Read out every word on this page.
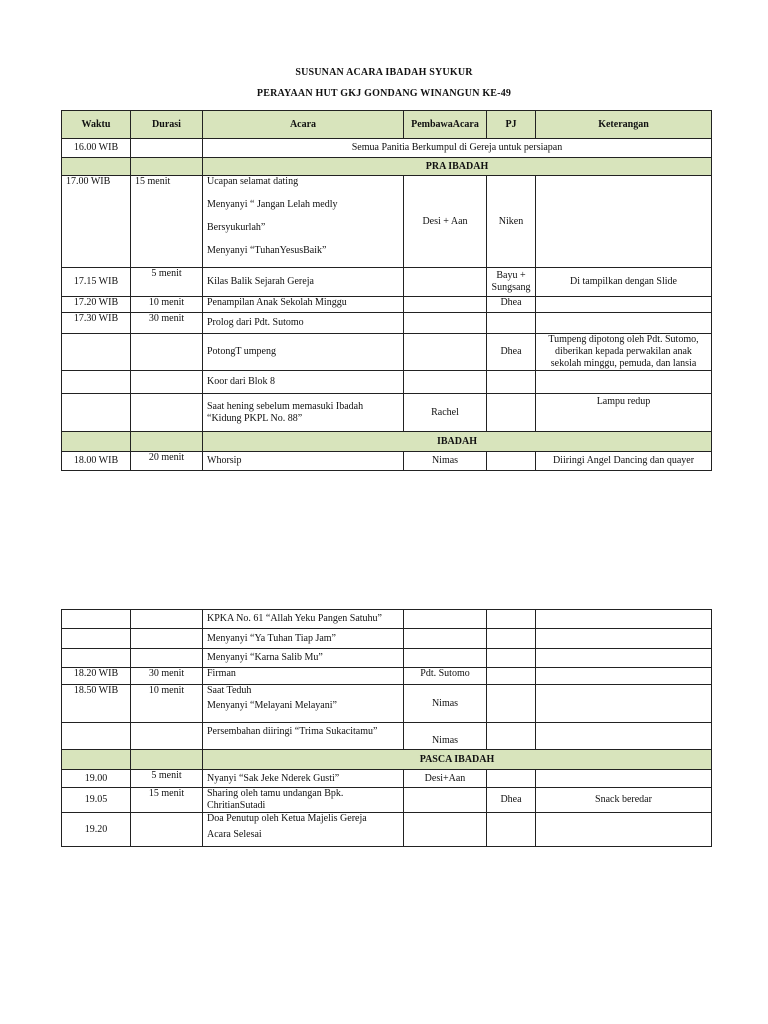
SUSUNAN ACARA IBADAH SYUKUR
PERAYAAN HUT GKJ GONDANG WINANGUN KE-49
Waktu	Durasi	Acara	PembawaAcara	PJ	Keterangan
16.00 WIB		Semua Panitia Berkumpul di Gereja untuk persiapan			
		PRA IBADAH			
17.00 WIB	15 menit	Ucapan selamat dating

Menyanyi “ Jangan Lelah medly

Bersyukurlah”

Menyanyi “TuhanYesusBaik”	Desi + Aan	Niken	
17.15 WIB	5 menit	Kilas Balik Sejarah Gereja		Bayu + Sungsang	Di tampilkan dengan Slide
17.20 WIB	10 menit	Penampilan Anak Sekolah Minggu		Dhea	
17.30 WIB	30 menit	Prolog dari Pdt. Sutomo			
		PotongT umpeng		Dhea	Tumpeng dipotong oleh Pdt. Sutomo, diberikan kepada perwakilan anak sekolah minggu, pemuda, dan lansia
		Koor dari Blok 8			

		Saat hening sebelum memasuki Ibadah

“Kidung PKPL No. 88”	Rachel		Lampu redup
		IBADAH			
18.00 WIB	20 menit	Whorsip	Nimas		Diiringi Angel Dancing dan quayer
		KPKA No. 61 “Allah Yeku Pangen Satuhu”			
		Menyanyi “Ya Tuhan Tiap Jam”			
		Menyanyi “Karna Salib Mu”			
18.20 WIB	30 menit	Firman	Pdt. Sutomo		
18.50 WIB	10 menit	Saat Teduh

Menyanyi “Melayani Melayani”	Nimas		
		Persembahan diiringi “Trima Sukacitamu”	Nimas		
		PASCA IBADAH			
19.00	5 menit	Nyanyi “Sak Jeke Nderek Gusti”	Desi+Aan		
19.05	15 menit	Sharing oleh tamu undangan Bpk. ChritianSutadi		Dhea	Snack beredar
19.20		Doa Penutup oleh Ketua Majelis Gereja

Acara Selesai			
